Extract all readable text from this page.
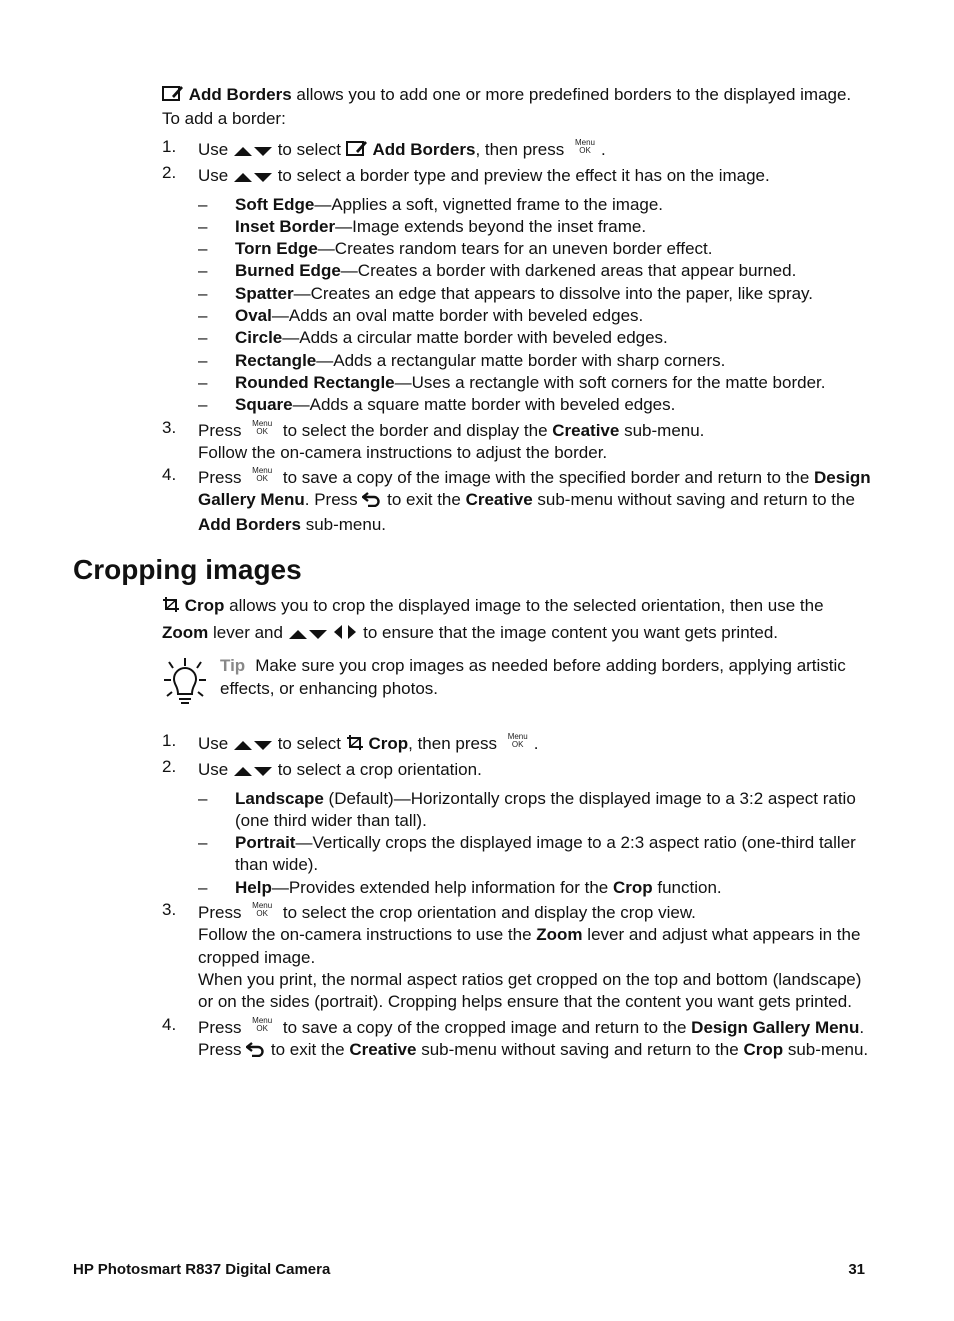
Add Borders allows you to add one or more predefined borders to the displayed image. To add a border:
1. Use  to select  Add Borders, then press Menu
OK .
2. Use  to select a border type and preview the effect it has on the image.
– Soft Edge—Applies a soft, vignetted frame to the image.
– Inset Border—Image extends beyond the inset frame.
– Torn Edge—Creates random tears for an uneven border effect.
– Burned Edge—Creates a border with darkened areas that appear burned.
– Spatter—Creates an edge that appears to dissolve into the paper, like spray.
– Oval—Adds an oval matte border with beveled edges.
– Circle—Adds a circular matte border with beveled edges.
– Rectangle—Adds a rectangular matte border with sharp corners.
– Rounded Rectangle—Uses a rectangle with soft corners for the matte border.
– Square—Adds a square matte border with beveled edges.
3. Press Menu
OK to select the border and display the Creative sub-menu.
Follow the on-camera instructions to adjust the border.
4. Press Menu
OK to save a copy of the image with the specified border and return to the Design Gallery Menu. Press  to exit the Creative sub-menu without saving and return to the Add Borders sub-menu.
Cropping images
Crop allows you to crop the displayed image to the selected orientation, then use the Zoom lever and	to ensure that the image content you want gets printed.
Tip Make sure you crop images as needed before adding borders, applying artistic effects, or enhancing photos.
1. Use  to select  Crop, then press Menu
OK .
2. Use  to select a crop orientation.
– Landscape (Default)—Horizontally crops the displayed image to a 3:2 aspect ratio (one third wider than tall).
– Portrait—Vertically crops the displayed image to a 2:3 aspect ratio (one-third taller than wide).
– Help—Provides extended help information for the Crop function.
3. Press Menu
OK to select the crop orientation and display the crop view.
Follow the on-camera instructions to use the Zoom lever and adjust what appears in the cropped image.
When you print, the normal aspect ratios get cropped on the top and bottom (landscape) or on the sides (portrait). Cropping helps ensure that the content you want gets printed.
4. Press Menu
OK to save a copy of the cropped image and return to the Design Gallery Menu. Press  to exit the Creative sub-menu without saving and return to the Crop sub-menu.
HP Photosmart R837 Digital Camera	31
